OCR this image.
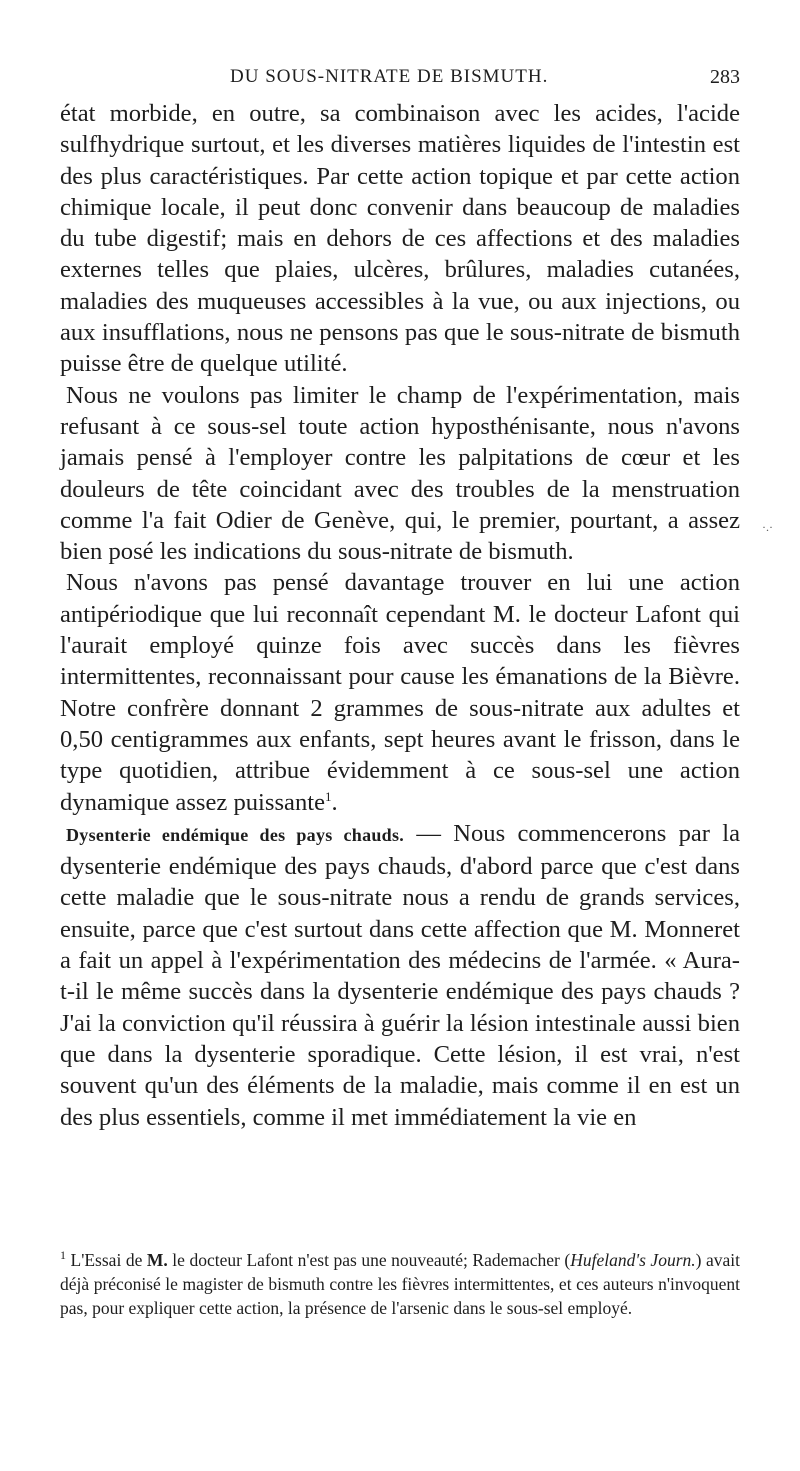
DU SOUS-NITRATE DE BISMUTH.	283

état morbide, en outre, sa combinaison avec les acides, l'acide sulfhydrique surtout, et les diverses matières liquides de l'intestin est des plus caractéristiques. Par cette action topique et par cette action chimique locale, il peut donc convenir dans beaucoup de maladies du tube digestif; mais en dehors de ces affections et des maladies externes telles que plaies, ulcères, brûlures, maladies cutanées, maladies des muqueuses accessibles à la vue, ou aux injections, ou aux insufflations, nous ne pensons pas que le sous-nitrate de bismuth puisse être de quelque utilité.

Nous ne voulons pas limiter le champ de l'expérimentation, mais refusant à ce sous-sel toute action hyposthénisante, nous n'avons jamais pensé à l'employer contre les palpitations de cœur et les douleurs de tête coincidant avec des troubles de la menstruation comme l'a fait Odier de Genève, qui, le premier, pourtant, a assez bien posé les indications du sous-nitrate de bismuth.

Nous n'avons pas pensé davantage trouver en lui une action antipériodique que lui reconnaît cependant M. le docteur Lafont qui l'aurait employé quinze fois avec succès dans les fièvres intermittentes, reconnaissant pour cause les émanations de la Bièvre. Notre confrère donnant 2 grammes de sous-nitrate aux adultes et 0,50 centigrammes aux enfants, sept heures avant le frisson, dans le type quotidien, attribue évidemment à ce sous-sel une action dynamique assez puissante$^1$.

Dysenterie endémique des pays chauds. — Nous commencerons par la dysenterie endémique des pays chauds, d'abord parce que c'est dans cette maladie que le sous-nitrate nous a rendu de grands services, ensuite, parce que c'est surtout dans cette affection que M. Monneret a fait un appel à l'expérimentation des médecins de l'armée. « Aura-t-il le même succès dans la dysenterie endémique des pays chauds ? J'ai la conviction qu'il réussira à guérir la lésion intestinale aussi bien que dans la dysenterie sporadique. Cette lésion, il est vrai, n'est souvent qu'un des éléments de la maladie, mais comme il en est un des plus essentiels, comme il met immédiatement la vie en

$^1$ L'Essai de M. le docteur Lafont n'est pas une nouveauté; Rademacher (Hufeland's Journ.) avait déjà préconisé le magister de bismuth contre les fièvres intermittentes, et ces auteurs n'invoquent pas, pour expliquer cette action, la présence de l'arsenic dans le sous-sel employé.
·.·
